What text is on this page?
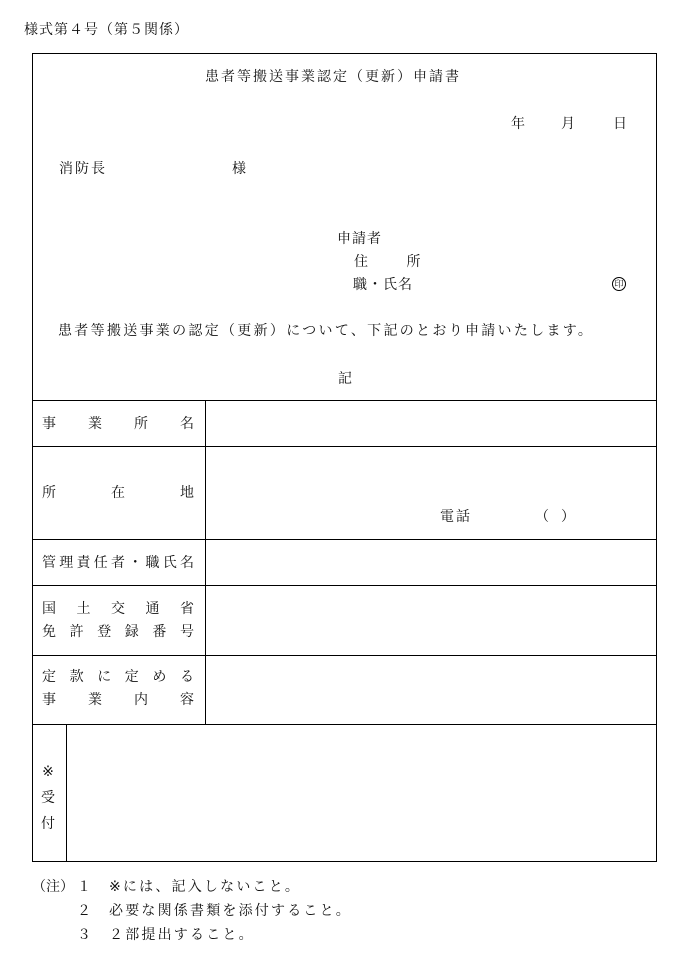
様式第４号（第５関係）
患者等搬送事業認定（更新）申請書
年	月	日
消防長	様
申請者
住	所
職・氏名	印
患者等搬送事業の認定（更新）について、下記のとおり申請いたします。
記
事 業 所 名
所	在	地
電話	（ ）
管 理 責 任 者 ・ 職 氏 名
国 土 交 通 省
免 許 登 録 番 号
定 款 に 定 め る
事 業 内 容
※
受
付
（注） １ ※には、記入しないこと。
２ 必要な関係書類を添付すること。
３ ２部提出すること。
